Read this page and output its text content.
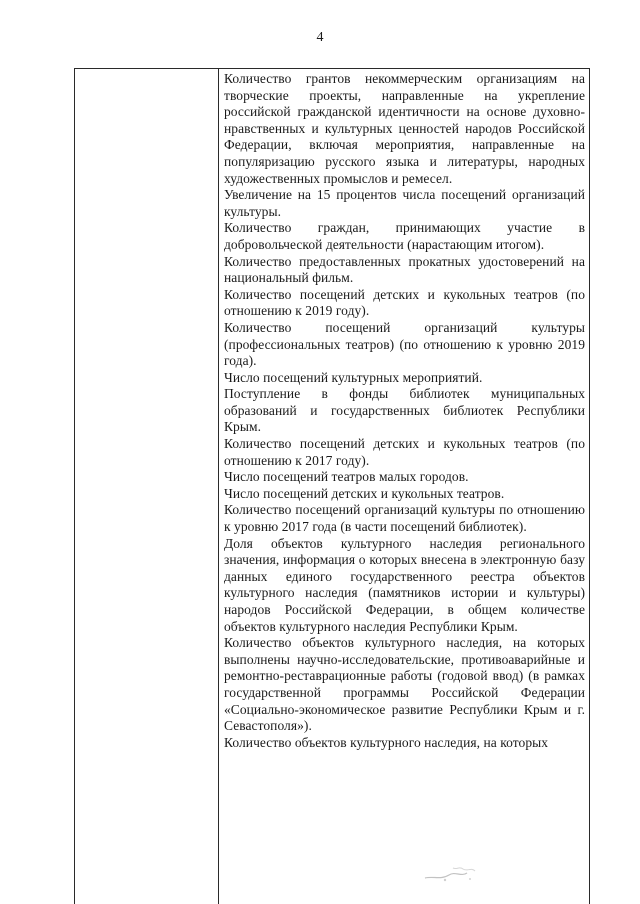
4

Количество грантов некоммерческим организациям на творческие проекты, направленные на укрепление российской гражданской идентичности на основе духовно-нравственных и культурных ценностей народов Российской Федерации, включая мероприятия, направленные на популяризацию русского языка и литературы, народных художественных промыслов и ремесел.

Увеличение на 15 процентов числа посещений организаций культуры.

Количество граждан, принимающих участие в добровольческой деятельности (нарастающим итогом).

Количество предоставленных прокатных удостоверений на национальный фильм.

Количество посещений детских и кукольных театров (по отношению к 2019 году).

Количество посещений организаций культуры (профессиональных театров) (по отношению к уровню 2019 года).

Число посещений культурных мероприятий.

Поступление в фонды библиотек муниципальных образований и государственных библиотек Республики Крым.

Количество посещений детских и кукольных театров (по отношению к 2017 году).

Число посещений театров малых городов.

Число посещений детских и кукольных театров.

Количество посещений организаций культуры по отношению к уровню 2017 года (в части посещений библиотек).

Доля объектов культурного наследия регионального значения, информация о которых внесена в электронную базу данных единого государственного реестра объектов культурного наследия (памятников истории и культуры) народов Российской Федерации, в общем количестве объектов культурного наследия Республики Крым.

Количество объектов культурного наследия, на которых выполнены научно-исследовательские, противоаварийные и ремонтно-реставрационные работы (годовой ввод) (в рамках государственной программы Российской Федерации «Социально-экономическое развитие Республики Крым и г. Севастополя»).

Количество объектов культурного наследия, на которых
